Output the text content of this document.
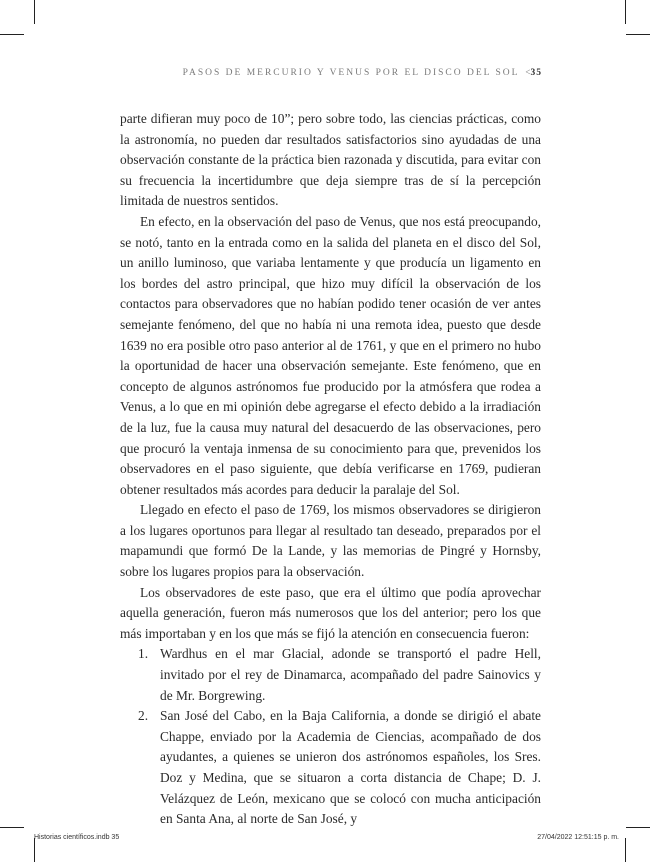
PASOS DE MERCURIO Y VENUS POR EL DISCO DEL SOL <35

parte difieran muy poco de 10”; pero sobre todo, las ciencias prácticas, como la astronomía, no pueden dar resultados satisfactorios sino ayudadas de una observación constante de la práctica bien razonada y discutida, para evitar con su frecuencia la incertidumbre que deja siempre tras de sí la percepción limitada de nuestros sentidos.

En efecto, en la observación del paso de Venus, que nos está preocupando, se notó, tanto en la entrada como en la salida del planeta en el disco del Sol, un anillo luminoso, que variaba lentamente y que producía un ligamento en los bordes del astro principal, que hizo muy difícil la observación de los contactos para observadores que no habían podido tener ocasión de ver antes semejante fenómeno, del que no había ni una remota idea, puesto que desde 1639 no era posible otro paso anterior al de 1761, y que en el primero no hubo la oportunidad de hacer una observación semejante. Este fenómeno, que en concepto de algunos astrónomos fue producido por la atmósfera que rodea a Venus, a lo que en mi opinión debe agregarse el efecto debido a la irradiación de la luz, fue la causa muy natural del desacuerdo de las observaciones, pero que procuró la ventaja inmensa de su conocimiento para que, prevenidos los observadores en el paso siguiente, que debía verificarse en 1769, pudieran obtener resultados más acordes para deducir la paralaje del Sol.

Llegado en efecto el paso de 1769, los mismos observadores se dirigieron a los lugares oportunos para llegar al resultado tan deseado, preparados por el mapamundi que formó De la Lande, y las memorias de Pingré y Hornsby, sobre los lugares propios para la observación.

Los observadores de este paso, que era el último que podía aprovechar aquella generación, fueron más numerosos que los del anterior; pero los que más importaban y en los que más se fijó la atención en consecuencia fueron:

1. Wardhus en el mar Glacial, adonde se transportó el padre Hell, invitado por el rey de Dinamarca, acompañado del padre Sainovics y de Mr. Borgrewing.
2. San José del Cabo, en la Baja California, a donde se dirigió el abate Chappe, enviado por la Academia de Ciencias, acompañado de dos ayudantes, a quienes se unieron dos astrónomos españoles, los Sres. Doz y Medina, que se situaron a corta distancia de Chape; D. J. Velázquez de León, mexicano que se colocó con mucha anticipación en Santa Ana, al norte de San José, y
Historias científicos.indb 35	27/04/2022 12:51:15 p. m.
